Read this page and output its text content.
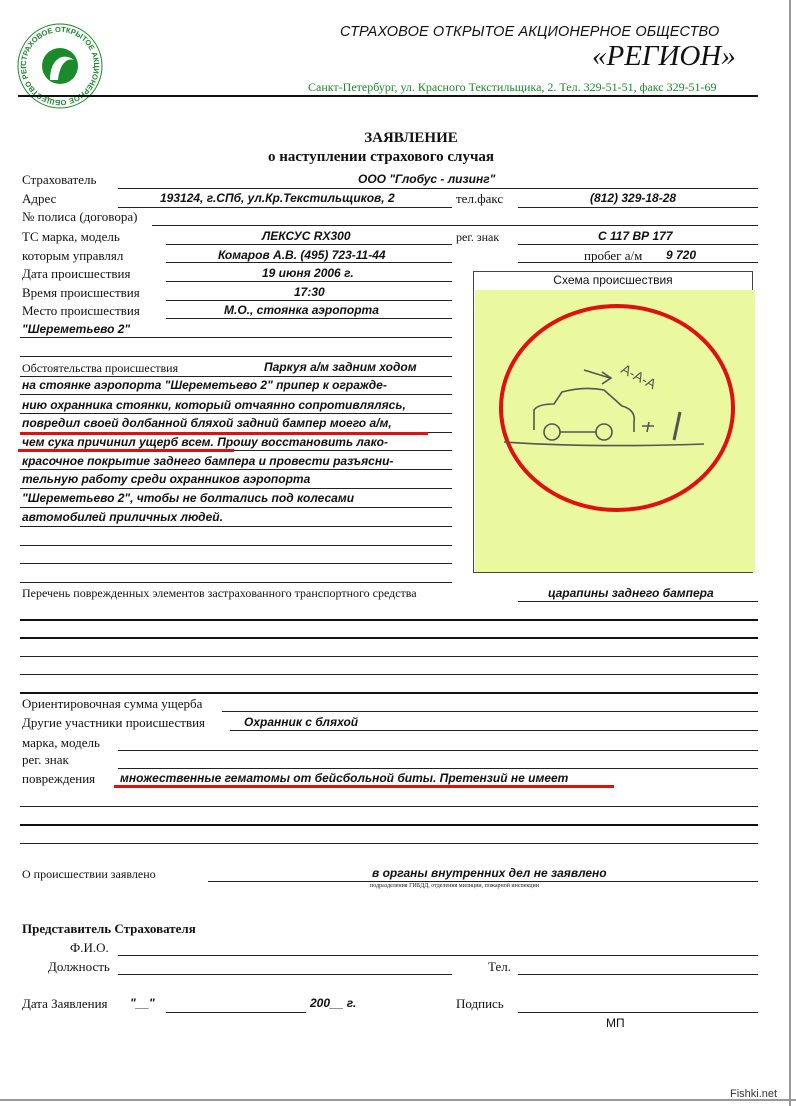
СТРАХОВОЕ ОТКРЫТОЕ АКЦИОНЕРНОЕ ОБЩЕСТВО РЕГ
СТРАХОВОЕ ОТКРЫТОЕ АКЦИОНЕРНОЕ ОБЩЕСТВО
«РЕГИОН»
Санкт-Петербург, ул. Красного Текстильщика, 2. Тел. 329-51-51, факс 329-51-69
ЗАЯВЛЕНИЕ
о наступлении страхового случая
Страхователь	ООО "Глобус - лизинг"
Адрес	193124, г.СПб, ул.Кр.Текстильщиков, 2	тел.факс	(812) 329-18-28
№ полиса (договора)
ТС марка, модель	ЛЕКСУС RX300	рег. знак	С 117 ВР 177
которым управлял	Комаров А.В. (495) 723-11-44	пробег а/м 9 720
Дата происшествия	19 июня 2006 г.
Время происшествия	17:30
Место происшествия	М.О., стоянка аэропорта
"Шереметьево 2"
Схема происшествия
А-А-А
Обстоятельства происшествия	Паркуя а/м задним ходом
на стоянке аэропорта "Шереметьево 2" припер к огражде-
нию охранника стоянки, который отчаянно сопротивлялясь,
повредил своей долбанной бляхой задний бампер моего а/м,
чем сука причинил ущерб всем. Прошу восстановить лако-
красочное покрытие заднего бампера и провести разъясни-
тельную работу среди охранников аэропорта
"Шереметьево 2", чтобы не болтались под колесами
автомобилей приличных людей.
Перечень поврежденных элементов застрахованного транспортного средства	царапины заднего бампера
Ориентировочная сумма ущерба
Другие участники происшествия	Охранник с бляхой
марка, модель
рег. знак
повреждения множественные гематомы от бейсбольной биты. Претензий не имеет
О происшествии заявлено	в органы внутренних дел не заявлено
подразделения ГИБДД, отделения милиции, пожарной инспекции
Представитель Страхователя
Ф.И.О.
Должность	Тел.
Дата Заявления "__"	200__ г.	Подпись
МП
Fishki.net
